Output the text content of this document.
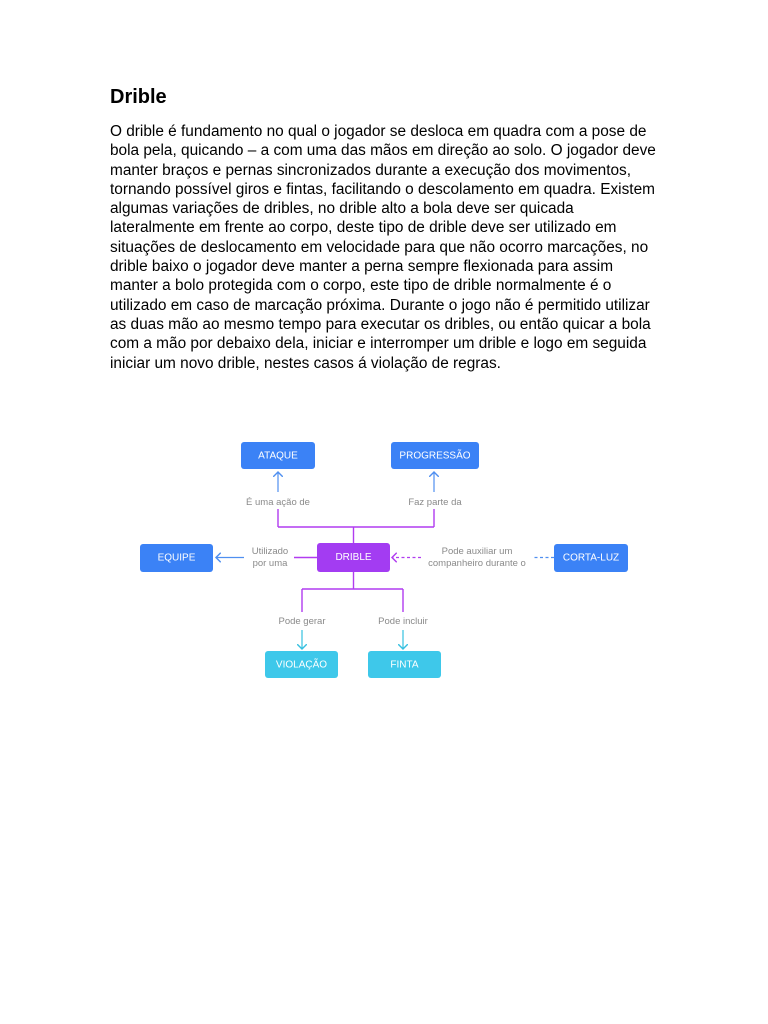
Drible

O drible é fundamento no qual o jogador se desloca em quadra com a pose de bola pela, quicando – a com uma das mãos em direção ao solo. O jogador deve manter braços e pernas sincronizados durante a execução dos movimentos, tornando possível giros e fintas, facilitando o descolamento em quadra. Existem algumas variações de dribles, no drible alto a bola deve ser quicada lateralmente em frente ao corpo, deste tipo de drible deve ser utilizado em situações de deslocamento em velocidade para que não ocorro marcações, no drible baixo o jogador deve manter a perna sempre flexionada para assim manter a bolo protegida com o corpo, este tipo de drible normalmente é o utilizado em caso de marcação próxima. Durante o jogo não é permitido utilizar as duas mão ao mesmo tempo para executar os dribles, ou então quicar a bola com a mão por debaixo dela, iniciar e interromper um drible e logo em seguida iniciar um novo drible, nestes casos á violação de regras.

É uma ação de	Faz parte da
Utilizado
por uma
Pode auxiliar um
companheiro durante o
Pode gerar	Pode incluir
ATAQUE	PROGRESSÃO
EQUIPE	DRIBLE	CORTA-LUZ
VIOLAÇÃO	FINTA
